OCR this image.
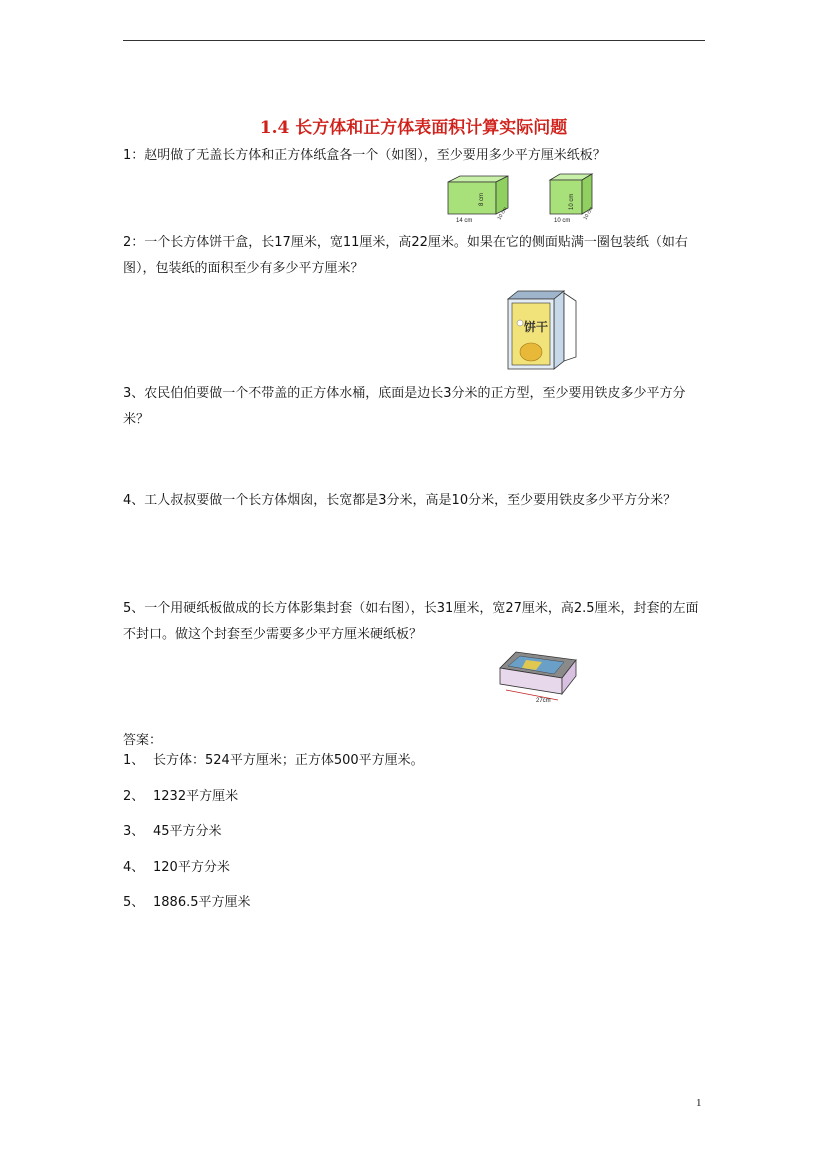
1.4 长方体和正方体表面积计算实际问题
1：赵明做了无盖长方体和正方体纸盒各一个（如图），至少要用多少平方厘米纸板？
14 cm
8 cm
10 cm	10 cm
10 cm
10 cm
2：一个长方体饼干盒，长17厘米，宽11厘米，高22厘米。如果在它的侧面贴满一圈包装纸（如右图），包装纸的面积至少有多少平方厘米？
饼干
3、农民伯伯要做一个不带盖的正方体水桶，底面是边长3分米的正方型，至少要用铁皮多少平方分米？
4、工人叔叔要做一个长方体烟囱，长宽都是3分米，高是10分米，至少要用铁皮多少平方分米？
5、一个用硬纸板做成的长方体影集封套（如右图），长31厘米，宽27厘米，高2.5厘米，封套的左面不封口。做这个封套至少需要多少平方厘米硬纸板？
27cm
答案：
1、 长方体：524平方厘米；正方体500平方厘米。
2、 1232平方厘米
3、 45平方分米
4、 120平方分米
5、 1886.5平方厘米
1
